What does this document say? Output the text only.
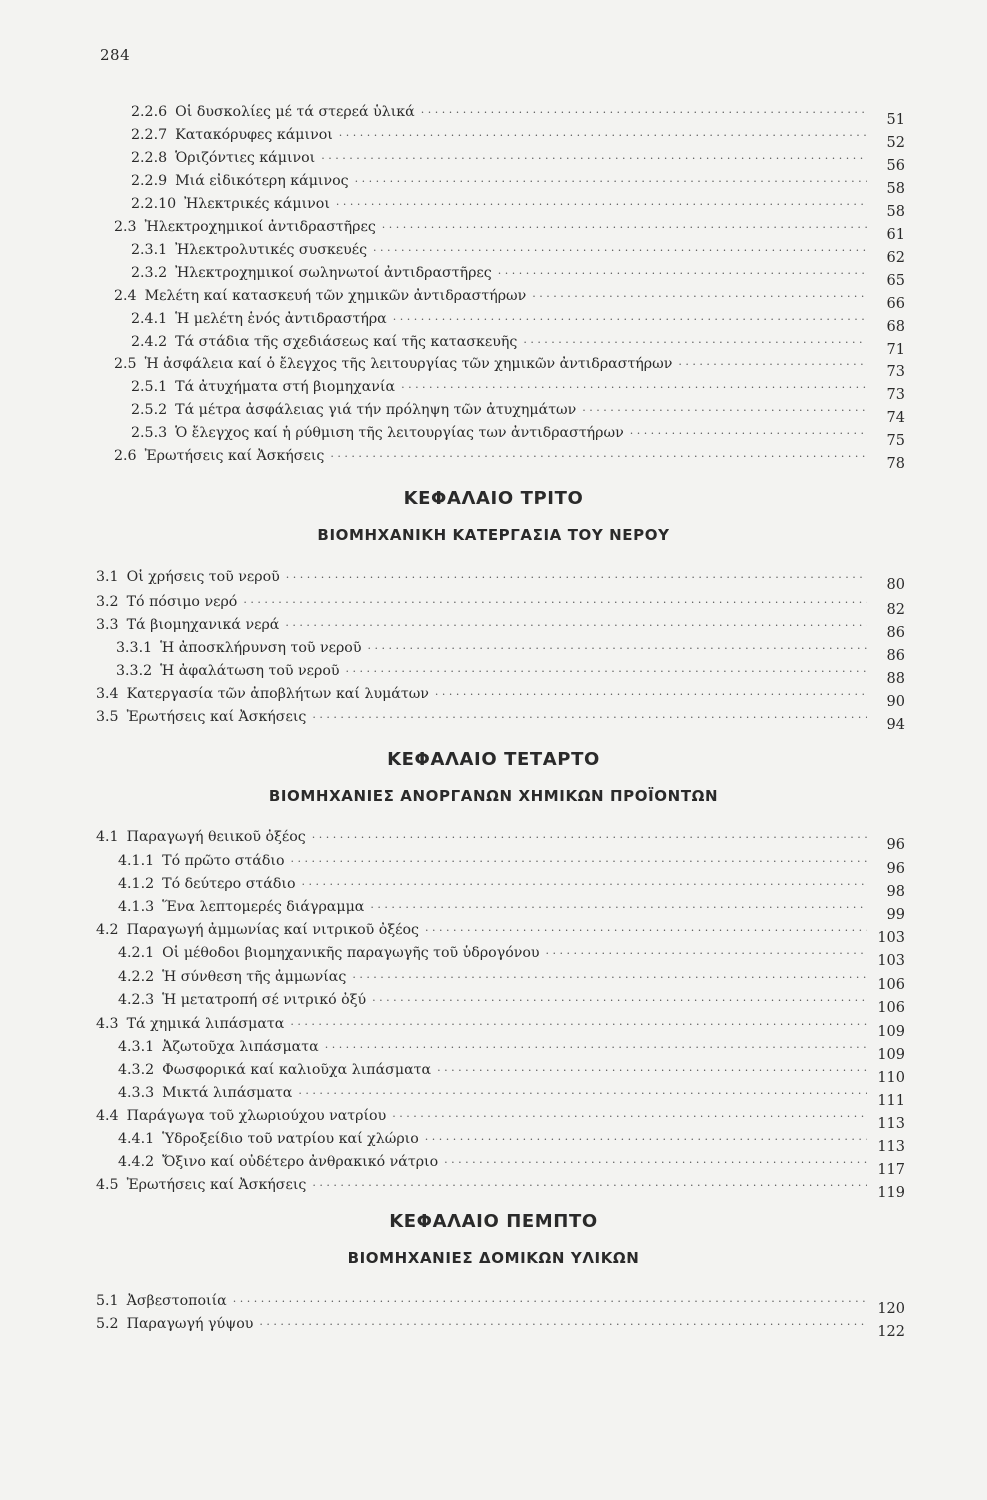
284
2.2.6 Οἱ δυσκολίες μέ τά στερεά ὑλικά . . .	51
2.2.7 Κατακόρυφες κάμινοι . . .	52
2.2.8 Ὁριζόντιες κάμινοι . . .	56
2.2.9 Μιά εἰδικότερη κάμινος . . .	58
2.2.10 Ἠλεκτρικές κάμινοι . . .	58
2.3 Ἠλεκτροχημικοί ἀντιδραστῆρες . . .	61
2.3.1 Ἠλεκτρολυτικές συσκευές . . .	62
2.3.2 Ἠλεκτροχημικοί σωληνωτοί ἀντιδραστῆρες . . .	65
2.4 Μελέτη καί κατασκευή τῶν χημικῶν ἀντιδραστήρων . . .	66
2.4.1 Ἡ μελέτη ἑνός ἀντιδραστήρα . . .	68
2.4.2 Τά στάδια τῆς σχεδιάσεως καί τῆς κατασκευῆς . . .	71
2.5 Ἡ ἀσφάλεια καί ὁ ἔλεγχος τῆς λειτουργίας τῶν χημικῶν ἀντιδραστήρων . . .	73
2.5.1 Τά ἀτυχήματα στή βιομηχανία . . .	73
2.5.2 Τά μέτρα ἀσφάλειας γιά τήν πρόληψη τῶν ἀτυχημάτων . . .	74
2.5.3 Ὁ ἔλεγχος καί ἡ ρύθμιση τῆς λειτουργίας των ἀντιδραστήρων . . .	75
2.6 Ἐρωτήσεις καί Ἀσκήσεις . . .	78
ΚΕΦΑΛΑΙΟ ΤΡΙΤΟ
ΒΙΟΜΗΧΑΝΙΚΗ ΚΑΤΕΡΓΑΣΙΑ ΤΟΥ ΝΕΡΟΥ
3.1 Οἱ χρήσεις τοῦ νεροῦ . . .	80
3.2 Τό πόσιμο νερό . . .	82
3.3 Τά βιομηχανικά νερά . . .	86
3.3.1 Ἡ ἀποσκλήρυνση τοῦ νεροῦ . . .	86
3.3.2 Ἡ ἀφαλάτωση τοῦ νεροῦ . . .	88
3.4 Κατεργασία τῶν ἀποβλήτων καί λυμάτων . . .	90
3.5 Ἐρωτήσεις καί Ἀσκήσεις . . .	94
ΚΕΦΑΛΑΙΟ ΤΕΤΑΡΤΟ
ΒΙΟΜΗΧΑΝΙΕΣ ΑΝΟΡΓΑΝΩΝ ΧΗΜΙΚΩΝ ΠΡΟΪΟΝΤΩΝ
4.1 Παραγωγή θειικοῦ ὀξέος . . .	96
4.1.1 Τό πρῶτο στάδιο . . .	96
4.1.2 Τό δεύτερο στάδιο . . .	98
4.1.3 Ἕνα λεπτομερές διάγραμμα . . .	99
4.2 Παραγωγή ἀμμωνίας καί νιτρικοῦ ὀξέος . . .	103
4.2.1 Οἱ μέθοδοι βιομηχανικῆς παραγωγῆς τοῦ ὑδρογόνου . . .	103
4.2.2 Ἡ σύνθεση τῆς ἀμμωνίας . . .	106
4.2.3 Ἡ μετατροπή σέ νιτρικό ὀξύ . . .	106
4.3 Τά χημικά λιπάσματα . . .	109
4.3.1 Ἀζωτοῦχα λιπάσματα . . .	109
4.3.2 Φωσφορικά καί καλιοῦχα λιπάσματα . . .	110
4.3.3 Μικτά λιπάσματα . . .	111
4.4 Παράγωγα τοῦ χλωριούχου νατρίου . . .	113
4.4.1 Ὑδροξείδιο τοῦ νατρίου καί χλώριο . . .	113
4.4.2 Ὄξινο καί οὐδέτερο ἀνθρακικό νάτριο . . .	117
4.5 Ἐρωτήσεις καί Ἀσκήσεις . . .	119
ΚΕΦΑΛΑΙΟ ΠΕΜΠΤΟ
ΒΙΟΜΗΧΑΝΙΕΣ ΔΟΜΙΚΩΝ ΥΛΙΚΩΝ
5.1 Ἀσβεστοποιία . . .	120
5.2 Παραγωγή γύψου . . .	122
